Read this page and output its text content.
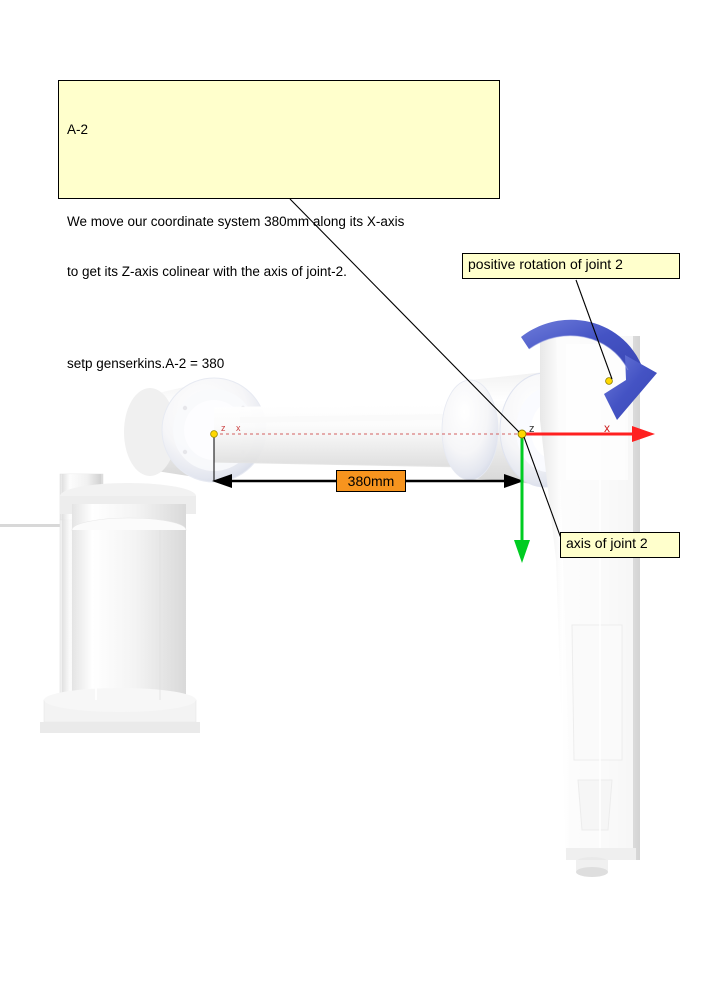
z x	z	x

A-2

We move our coordinate system 380mm along its X-axis

to get its Z-axis colinear with the axis of joint-2.

setp genserkins.A-2 = 380

positive rotation of joint 2
axis of joint 2
380mm
